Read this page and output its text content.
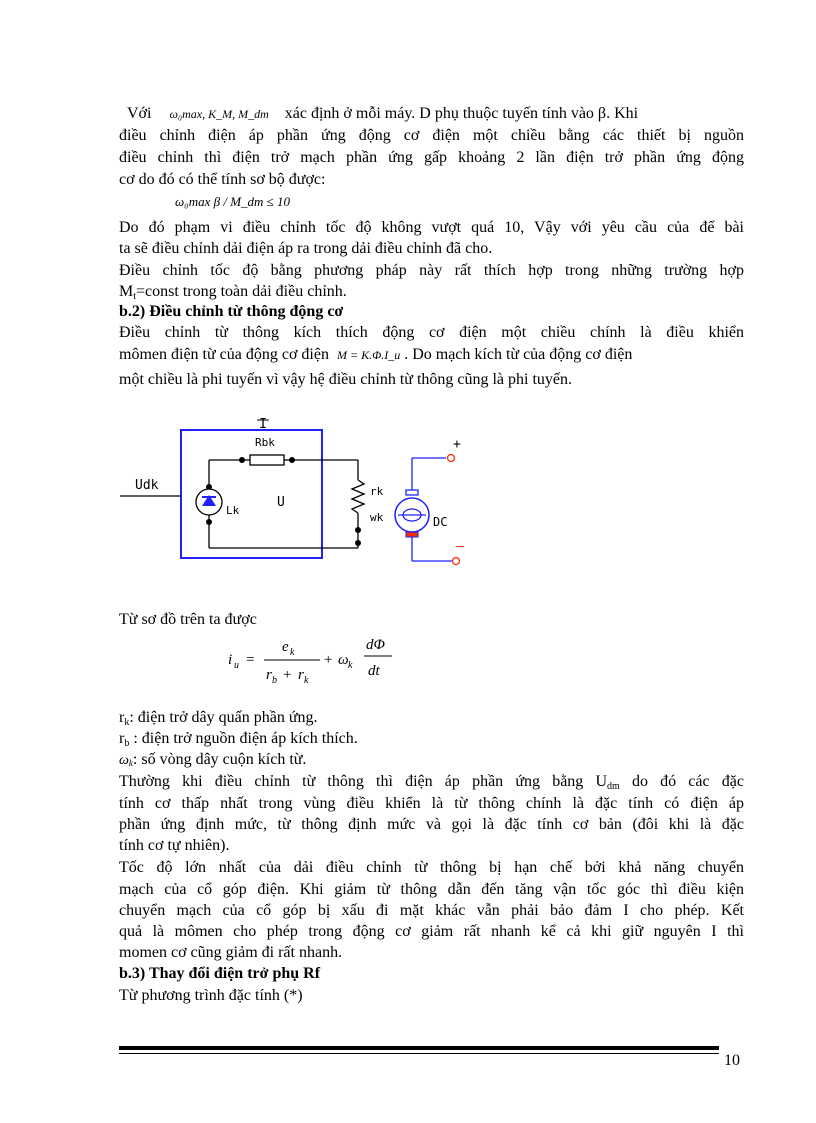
Với ω₀max, K_M, M_dm xác định ở mỗi máy. D phụ thuộc tuyến tính vào β. Khi
điều chỉnh điện áp phần ứng động cơ điện một chiều bằng các thiết bị nguồn
điều chỉnh thì điện trở mạch phần ứng gấp khoảng 2 lần điện trở phần ứng động
cơ do đó có thể tính sơ bộ được:
ω₀max β / M_dm ≤ 10
Do đó phạm vi điều chỉnh tốc độ không vượt quá 10, Vậy với yêu cầu của để bài
ta sẽ điều chỉnh dải điện áp ra trong dải điều chỉnh đã cho.
Điều chỉnh tốc độ bằng phương pháp này rất thích hợp trong những trường hợp
$M_t=const$ trong toàn dải điều chỉnh.
b.2) Điều chỉnh từ thông động cơ
Điều chỉnh từ thông kích thích động cơ điện một chiều chính là điều khiển
mômen điện từ của động cơ điện M = K.Φ.I_u . Do mạch kích từ của động cơ điện
một chiều là phi tuyến vì vậy hệ điều chỉnh từ thông cũng là phi tuyến.
I
Rbk
Udk
Lk
U
rk
wk	DC
+
–
Từ sơ đồ trên ta được
i u =
e k
r b + r k
+ ω k
dΦ
dt
$r_k$: điện trở dây quấn phần ứng.
$r_b$ : điện trở nguồn điện áp kích thích.
ωk: số vòng dây cuộn kích từ.
Thường khi điều chỉnh từ thông thì điện áp phần ứng bằng $U_{dm}$ do đó các đặc
tính cơ thấp nhất trong vùng điều khiển là từ thông chính là đặc tính có điện áp
phần ứng định mức, từ thông định mức và gọi là đặc tính cơ bản (đôi khi là đặc
tính cơ tự nhiên).
Tốc độ lớn nhất của dải điều chỉnh từ thông bị hạn chế bởi khả năng chuyển
mạch của cổ góp điện. Khi giảm từ thông dẫn đến tăng vận tốc góc thì điều kiện
chuyển mạch của cổ góp bị xấu đi mặt khác vẫn phải bảo đảm I cho phép. Kết
quả là mômen cho phép trong động cơ giảm rất nhanh kể cả khi giữ nguyên I thì
momen cơ cũng giảm đi rất nhanh.
b.3) Thay đổi điện trở phụ Rf
Từ phương trình đặc tính (*)
10
